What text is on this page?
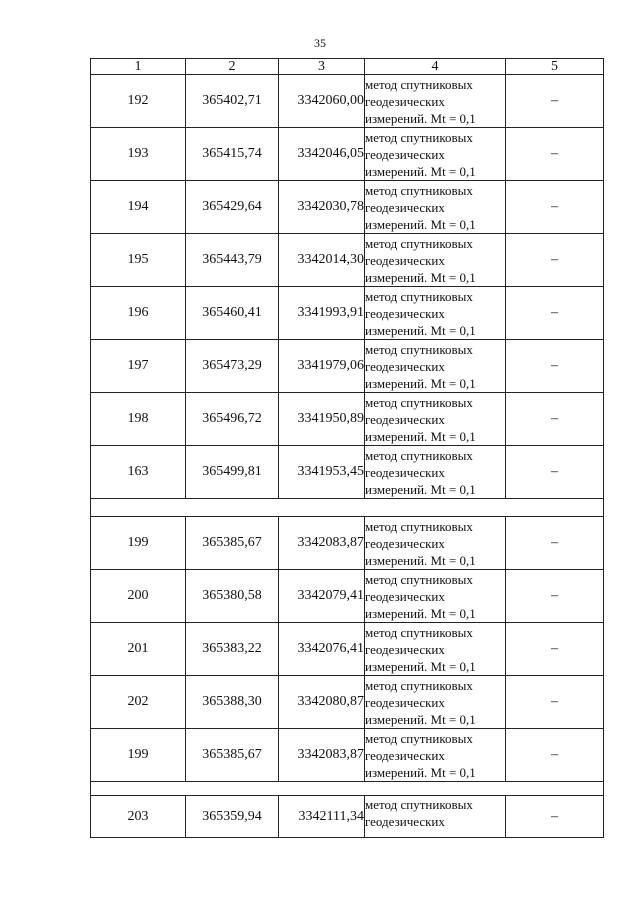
35
1	2	3	4	5
192	365402,71	3342060,00	метод спутниковых
геодезических
измерений. Mt = 0,1	–
193	365415,74	3342046,05	метод спутниковых
геодезических
измерений. Mt = 0,1	–
194	365429,64	3342030,78	метод спутниковых
геодезических
измерений. Mt = 0,1	–
195	365443,79	3342014,30	метод спутниковых
геодезических
измерений. Mt = 0,1	–
196	365460,41	3341993,91	метод спутниковых
геодезических
измерений. Mt = 0,1	–
197	365473,29	3341979,06	метод спутниковых
геодезических
измерений. Mt = 0,1	–
198	365496,72	3341950,89	метод спутниковых
геодезических
измерений. Mt = 0,1	–
163	365499,81	3341953,45	метод спутниковых
геодезических
измерений. Mt = 0,1	–

199	365385,67	3342083,87	метод спутниковых
геодезических
измерений. Mt = 0,1	–
200	365380,58	3342079,41	метод спутниковых
геодезических
измерений. Mt = 0,1	–
201	365383,22	3342076,41	метод спутниковых
геодезических
измерений. Mt = 0,1	–
202	365388,30	3342080,87	метод спутниковых
геодезических
измерений. Mt = 0,1	–
199	365385,67	3342083,87	метод спутниковых
геодезических
измерений. Mt = 0,1	–

203	365359,94	3342111,34	метод спутниковых
геодезических	–
